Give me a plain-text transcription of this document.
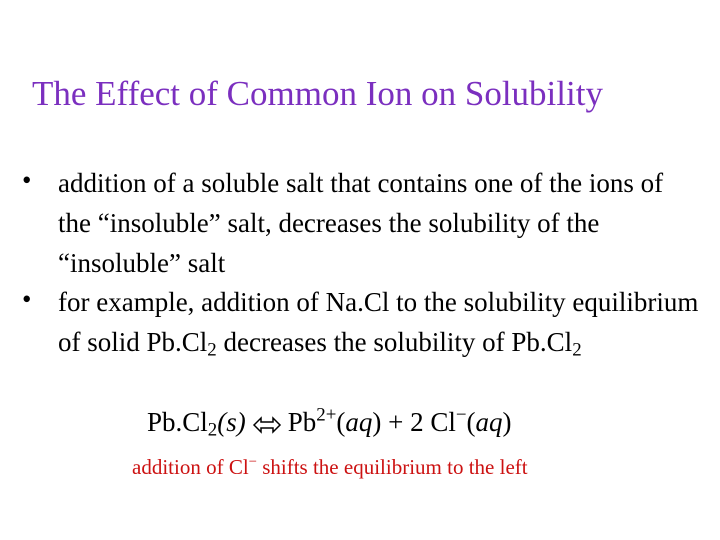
The Effect of Common Ion on Solubility
• addition of a soluble salt that contains one of the ions of the “insoluble” salt, decreases the solubility of the “insoluble” salt
• for example, addition of Na.Cl to the solubility equilibrium of solid $Pb.Cl_2$ decreases the solubility of $Pb.Cl_2$
$Pb.Cl_2(s)$ ⇌ $Pb^{2+}(aq) + 2$ Cl−(aq)
addition of Cl− shifts the equilibrium to the left
